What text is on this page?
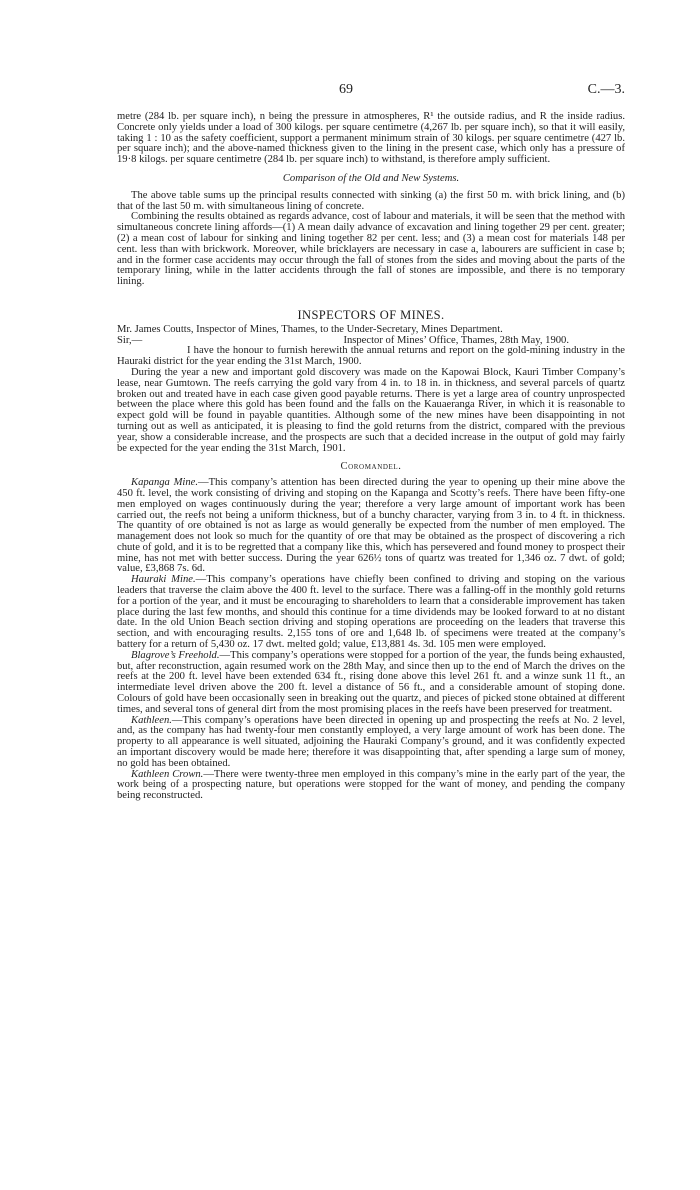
69	C.—3.

metre (284 lb. per square inch), n being the pressure in atmospheres, R¹ the outside radius, and R the inside radius. Concrete only yields under a load of 300 kilogs. per square centimetre (4,267 lb. per square inch), so that it will easily, taking 1 : 10 as the safety coefficient, support a permanent minimum strain of 30 kilogs. per square centimetre (427 lb. per square inch); and the above-named thickness given to the lining in the present case, which only has a pressure of 19·8 kilogs. per square centimetre (284 lb. per square inch) to withstand, is therefore amply sufficient.

Comparison of the Old and New Systems.

The above table sums up the principal results connected with sinking (a) the first 50 m. with brick lining, and (b) that of the last 50 m. with simultaneous lining of concrete.

Combining the results obtained as regards advance, cost of labour and materials, it will be seen that the method with simultaneous concrete lining affords—(1) A mean daily advance of excavation and lining together 29 per cent. greater; (2) a mean cost of labour for sinking and lining together 82 per cent. less; and (3) a mean cost for materials 148 per cent. less than with brickwork. Moreover, while bricklayers are necessary in case a, labourers are sufficient in case b; and in the former case accidents may occur through the fall of stones from the sides and moving about the parts of the temporary lining, while in the latter accidents through the fall of stones are impossible, and there is no temporary lining.

INSPECTORS OF MINES.

Mr. James Coutts, Inspector of Mines, Thames, to the Under-Secretary, Mines Department.

Sir,—	Inspector of Mines’ Office, Thames, 28th May, 1900.

I have the honour to furnish herewith the annual returns and report on the gold-mining industry in the Hauraki district for the year ending the 31st March, 1900.

During the year a new and important gold discovery was made on the Kapowai Block, Kauri Timber Company’s lease, near Gumtown. The reefs carrying the gold vary from 4 in. to 18 in. in thickness, and several parcels of quartz broken out and treated have in each case given good payable returns. There is yet a large area of country unprospected between the place where this gold has been found and the falls on the Kauaeranga River, in which it is reasonable to expect gold will be found in payable quantities. Although some of the new mines have been disappointing in not turning out as well as anticipated, it is pleasing to find the gold returns from the district, compared with the previous year, show a considerable increase, and the prospects are such that a decided increase in the output of gold may fairly be expected for the year ending the 31st March, 1901.

Coromandel.

Kapanga Mine.—This company’s attention has been directed during the year to opening up their mine above the 450 ft. level, the work consisting of driving and stoping on the Kapanga and Scotty’s reefs. There have been fifty-one men employed on wages continuously during the year; therefore a very large amount of important work has been carried out, the reefs not being a uniform thickness, but of a bunchy character, varying from 3 in. to 4 ft. in thickness. The quantity of ore obtained is not as large as would generally be expected from the number of men employed. The management does not look so much for the quantity of ore that may be obtained as the prospect of discovering a rich chute of gold, and it is to be regretted that a company like this, which has persevered and found money to prospect their mine, has not met with better success. During the year 626½ tons of quartz was treated for 1,346 oz. 7 dwt. of gold; value, £3,868 7s. 6d.

Hauraki Mine.—This company’s operations have chiefly been confined to driving and stoping on the various leaders that traverse the claim above the 400 ft. level to the surface. There was a falling-off in the monthly gold returns for a portion of the year, and it must be encouraging to shareholders to learn that a considerable improvement has taken place during the last few months, and should this continue for a time dividends may be looked forward to at no distant date. In the old Union Beach section driving and stoping operations are proceeding on the leaders that traverse this section, and with encouraging results. 2,155 tons of ore and 1,648 lb. of specimens were treated at the company’s battery for a return of 5,430 oz. 17 dwt. melted gold; value, £13,881 4s. 3d. 105 men were employed.

Blagrove’s Freehold.—This company’s operations were stopped for a portion of the year, the funds being exhausted, but, after reconstruction, again resumed work on the 28th May, and since then up to the end of March the drives on the reefs at the 200 ft. level have been extended 634 ft., rising done above this level 261 ft. and a winze sunk 11 ft., an intermediate level driven above the 200 ft. level a distance of 56 ft., and a considerable amount of stoping done. Colours of gold have been occasionally seen in breaking out the quartz, and pieces of picked stone obtained at different times, and several tons of general dirt from the most promising places in the reefs have been preserved for treatment.

Kathleen.—This company’s operations have been directed in opening up and prospecting the reefs at No. 2 level, and, as the company has had twenty-four men constantly employed, a very large amount of work has been done. The property to all appearance is well situated, adjoining the Hauraki Company’s ground, and it was confidently expected an important discovery would be made here; therefore it was disappointing that, after spending a large sum of money, no gold has been obtained.

Kathleen Crown.—There were twenty-three men employed in this company’s mine in the early part of the year, the work being of a prospecting nature, but operations were stopped for the want of money, and pending the company being reconstructed.
